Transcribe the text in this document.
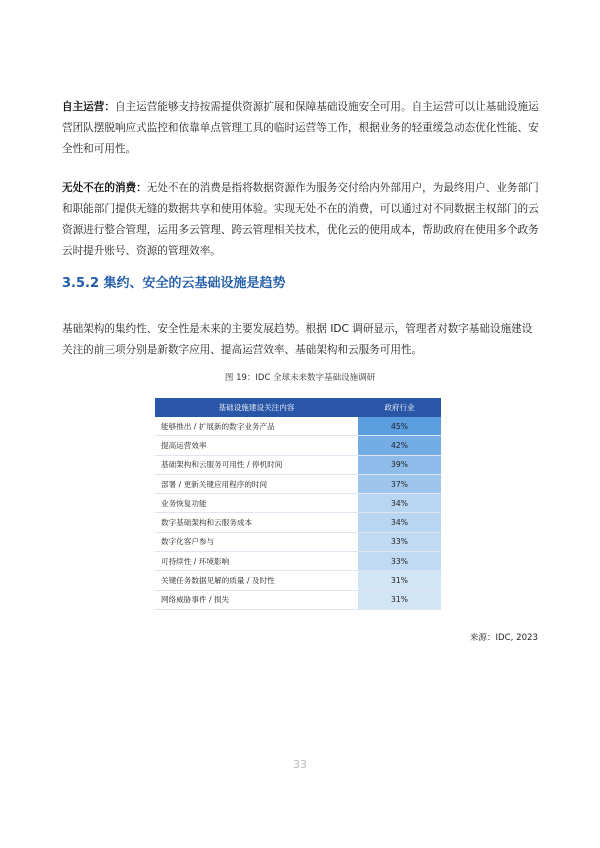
自主运营：自主运营能够支持按需提供资源扩展和保障基础设施安全可用。自主运营可以让基础设施运营团队摆脱响应式监控和依靠单点管理工具的临时运营等工作，根据业务的轻重缓急动态优化性能、安全性和可用性。

无处不在的消费：无处不在的消费是指将数据资源作为服务交付给内外部用户，为最终用户、业务部门和职能部门提供无缝的数据共享和使用体验。实现无处不在的消费，可以通过对不同数据主权部门的云资源进行整合管理，运用多云管理、跨云管理相关技术，优化云的使用成本，帮助政府在使用多个政务云时提升账号、资源的管理效率。

3.5.2 集约、安全的云基础设施是趋势

基础架构的集约性、安全性是未来的主要发展趋势。根据 IDC 调研显示，管理者对数字基础设施建设关注的前三项分别是新数字应用、提高运营效率、基础架构和云服务可用性。

图 19：IDC 全球未来数字基础设施调研
基础设施建设关注内容	政府行业
能够推出 / 扩展新的数字业务产品	45%
提高运营效率	42%
基础架构和云服务可用性 / 停机时间	39%
部署 / 更新关键应用程序的时间	37%
业务恢复功能	34%
数字基础架构和云服务成本	34%
数字化客户参与	33%
可持续性 / 环境影响	33%
关键任务数据见解的质量 / 及时性	31%
网络威胁事件 / 损失	31%
来源：IDC, 2023
33
